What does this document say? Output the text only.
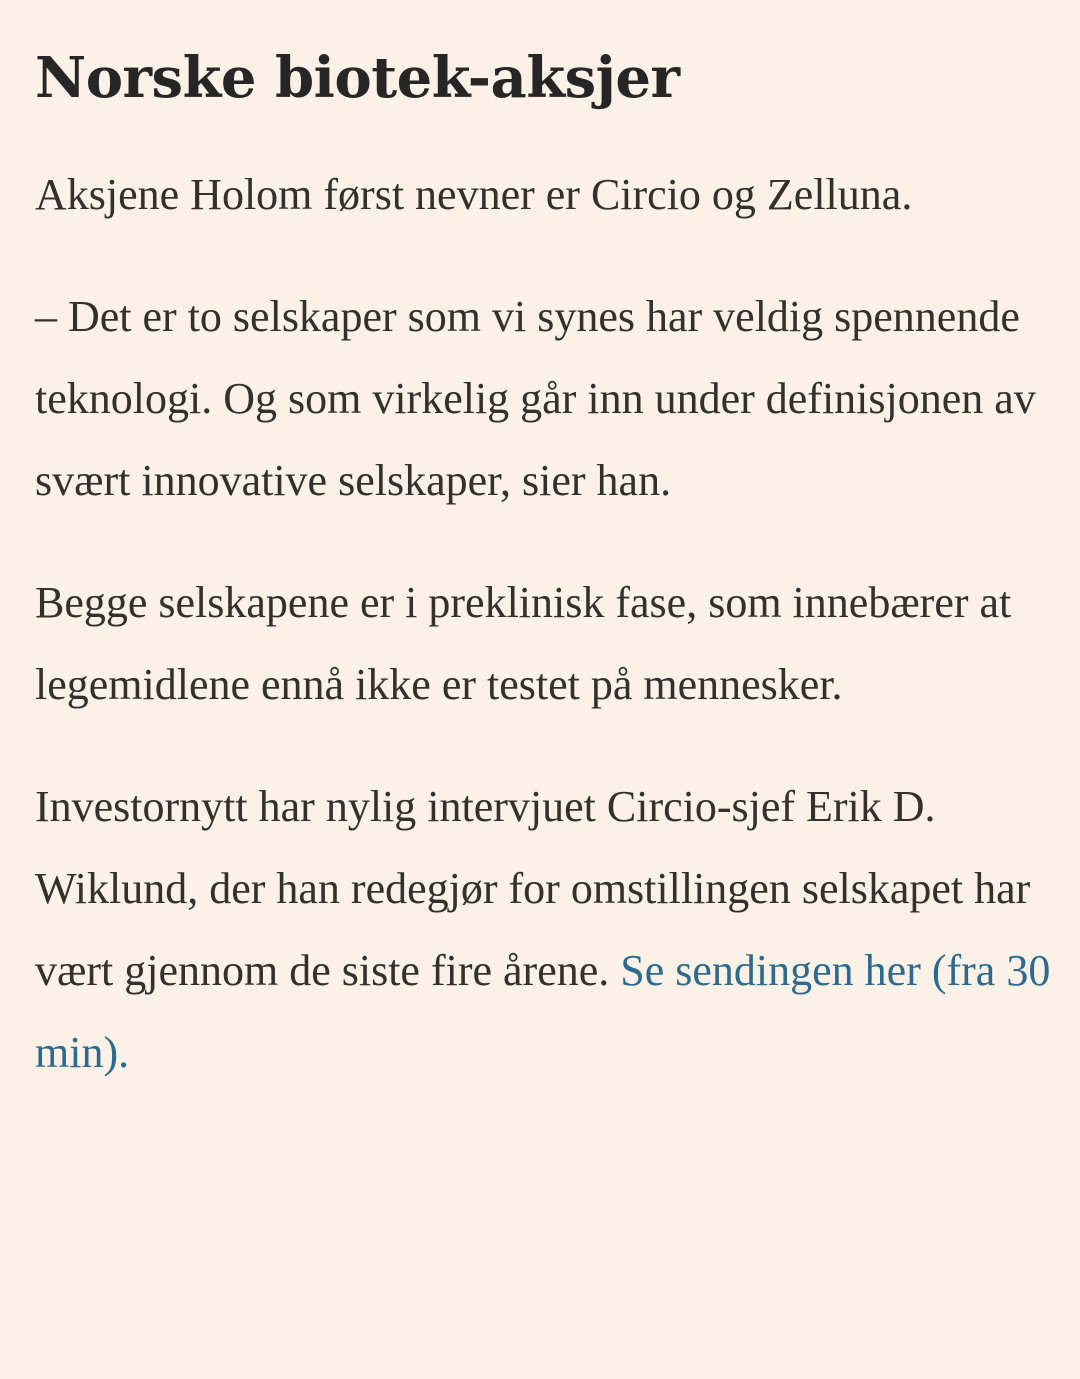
Norske biotek-aksjer

Aksjene Holom først nevner er Circio og Zelluna.

– Det er to selskaper som vi synes har veldig spennende teknologi. Og som virkelig går inn under definisjonen av svært innovative selskaper, sier han.

Begge selskapene er i preklinisk fase, som innebærer at legemidlene ennå ikke er testet på mennesker.

Investornytt har nylig intervjuet Circio-sjef Erik D. Wiklund, der han redegjør for omstillingen selskapet har vært gjennom de siste fire årene. Se sendingen her (fra 30 min).
